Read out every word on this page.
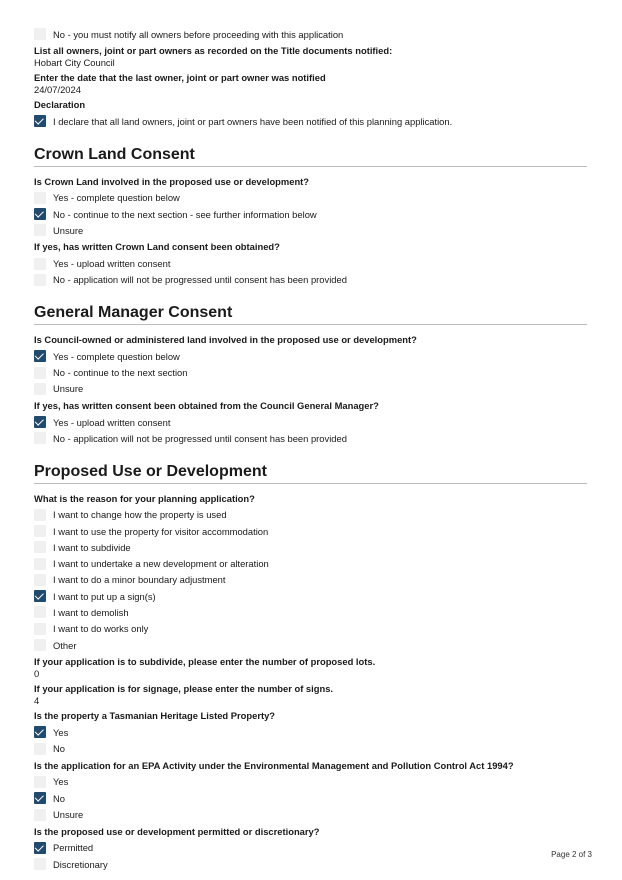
No - you must notify all owners before proceeding with this application
List all owners, joint or part owners as recorded on the Title documents notified:
Hobart City Council
Enter the date that the last owner, joint or part owner was notified
24/07/2024
Declaration
I declare that all land owners, joint or part owners have been notified of this planning application.
Crown Land Consent
Is Crown Land involved in the proposed use or development?
Yes - complete question below
No - continue to the next section - see further information below
Unsure
If yes, has written Crown Land consent been obtained?
Yes - upload written consent
No - application will not be progressed until consent has been provided
General Manager Consent
Is Council-owned or administered land involved in the proposed use or development?
Yes - complete question below
No - continue to the next section
Unsure
If yes, has written consent been obtained from the Council General Manager?
Yes - upload written consent
No - application will not be progressed until consent has been provided
Proposed Use or Development
What is the reason for your planning application?
I want to change how the property is used
I want to use the property for visitor accommodation
I want to subdivide
I want to undertake a new development or alteration
I want to do a minor boundary adjustment
I want to put up a sign(s)
I want to demolish
I want to do works only
Other
If your application is to subdivide, please enter the number of proposed lots.
0
If your application is for signage, please enter the number of signs.
4
Is the property a Tasmanian Heritage Listed Property?
Yes
No
Is the application for an EPA Activity under the Environmental Management and Pollution Control Act 1994?
Yes
No
Unsure
Is the proposed use or development permitted or discretionary?
Permitted
Discretionary
Page 2 of 3
